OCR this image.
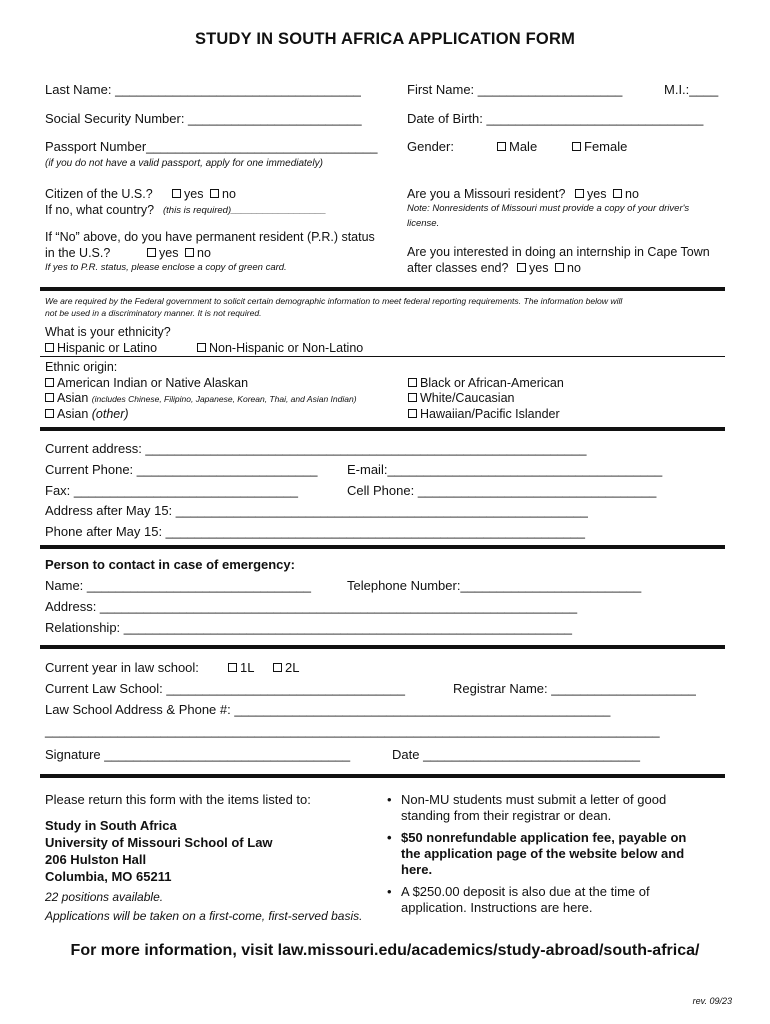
STUDY IN SOUTH AFRICA APPLICATION FORM
Last Name: __________________________________	First Name: ____________________	M.I.:____
Social Security Number: ________________________	Date of Birth: ______________________________
Passport Number________________________________ Gender:	Male	Female
(if you do not have a valid passport, apply for one immediately)
Citizen of the U.S.?	yes	no
If no, what country? (this is required)__________________
If “No” above, do you have permanent resident (P.R.) status
in the U.S.?	yes	no
If yes to P.R. status, please enclose a copy of green card.
Are you a Missouri resident?	yes	no
Note: Nonresidents of Missouri must provide a copy of your driver's
license.
Are you interested in doing an internship in Cape Town
after classes end?	yes	no
We are required by the Federal government to solicit certain demographic information to meet federal reporting requirements. The information below will
not be used in a discriminatory manner. It is not required.
What is your ethnicity?
Hispanic or Latino	Non-Hispanic or Non-Latino
Ethnic origin:
American Indian or Native Alaskan
Asian (includes Chinese, Filipino, Japanese, Korean, Thai, and Asian Indian)
Asian (other)
Black or African-American
White/Caucasian
Hawaiian/Pacific Islander
Current address: _____________________________________________________________
Current Phone: _________________________ E-mail:______________________________________
Fax: _______________________________	Cell Phone: _________________________________
Address after May 15: _________________________________________________________
Phone after May 15: __________________________________________________________
Person to contact in case of emergency:
Name: _______________________________	Telephone Number:_________________________
Address: __________________________________________________________________
Relationship: ______________________________________________________________
Current year in law school:	1L	2L
Current Law School: _________________________________	Registrar Name: ____________________
Law School Address & Phone #: ____________________________________________________
_____________________________________________________________________________________
Signature __________________________________	Date ______________________________
Please return this form with the items listed to:
Study in South Africa
University of Missouri School of Law
206 Hulston Hall
Columbia, MO 65211
22 positions available.
Applications will be taken on a first-come, first-served basis.
• Non-MU students must submit a letter of good standing from their registrar or dean.
• $50 nonrefundable application fee, payable on the application page of the website below and here.
• A $250.00 deposit is also due at the time of application. Instructions are here.
For more information, visit law.missouri.edu/academics/study-abroad/south-africa/
rev. 09/23
